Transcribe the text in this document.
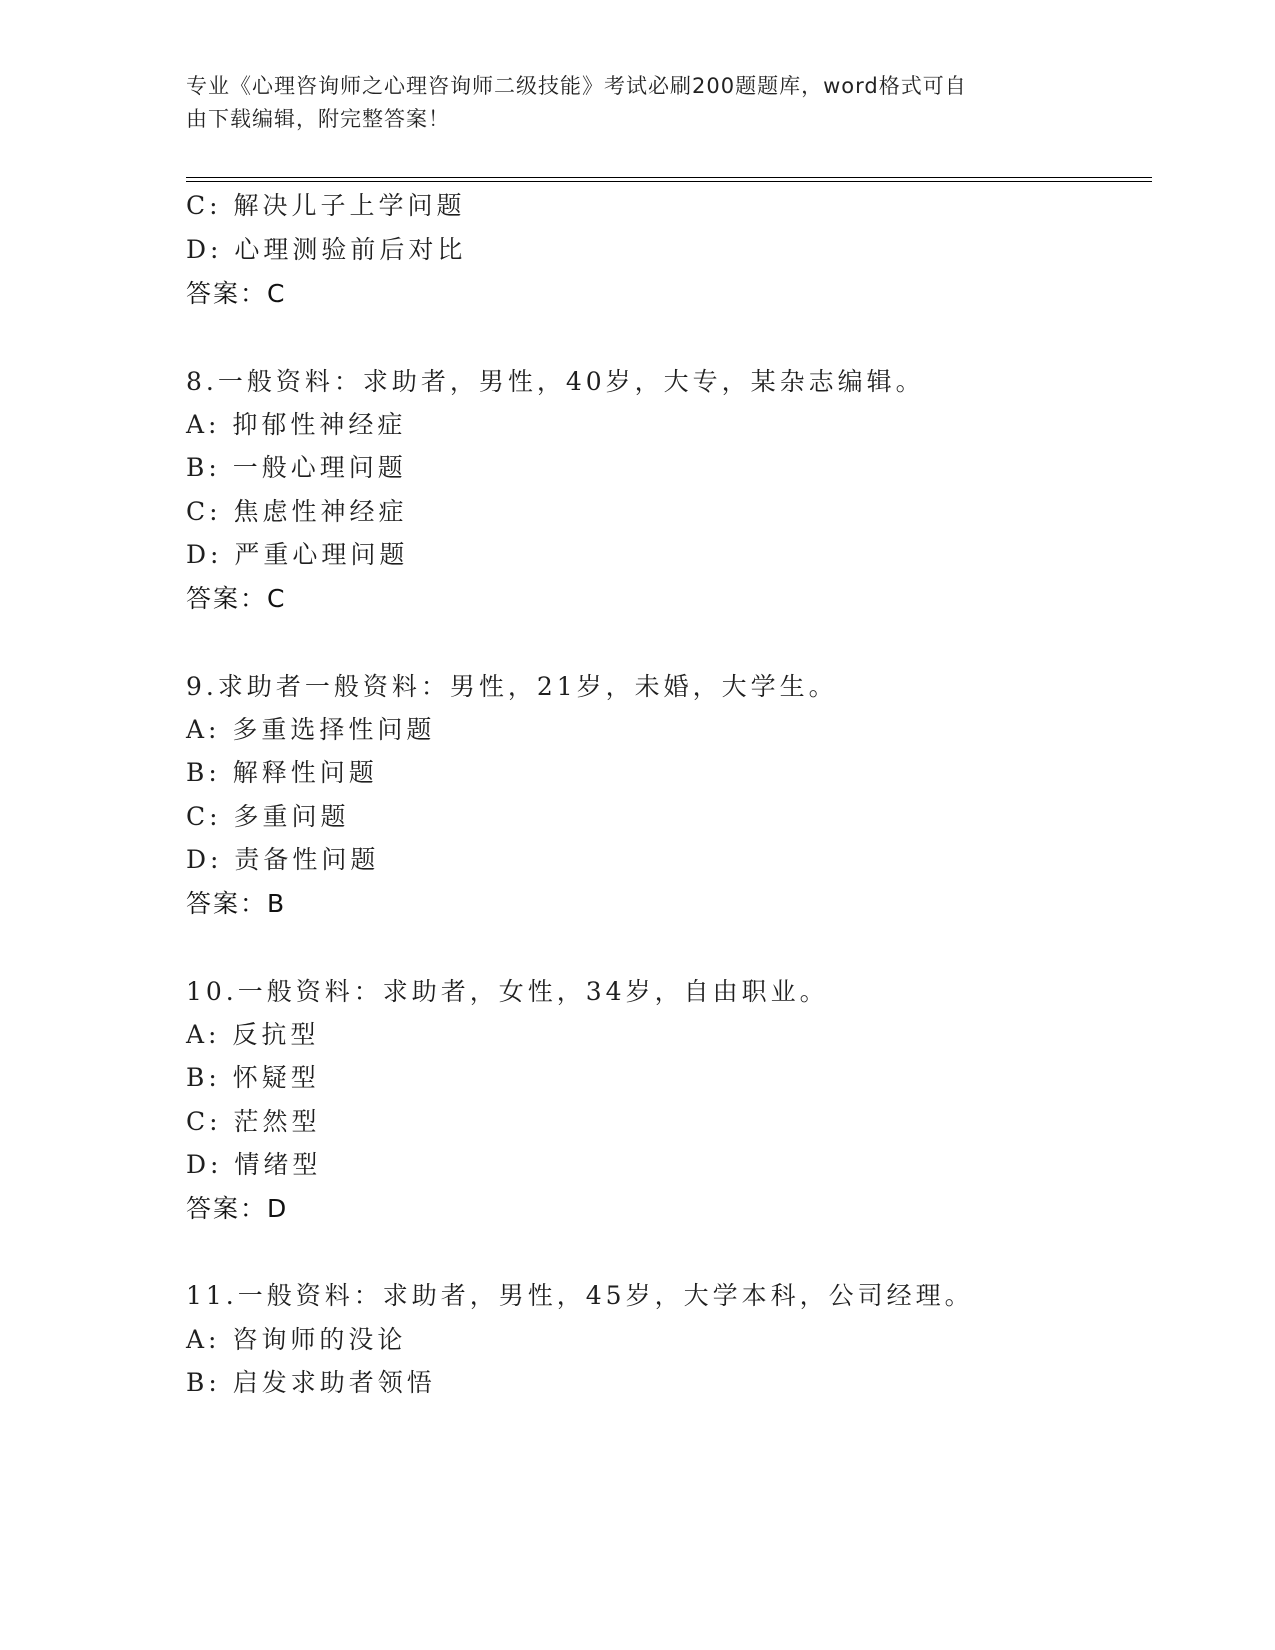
专业《心理咨询师之心理咨询师二级技能》考试必刷200题题库，word格式可自
由下载编辑，附完整答案！
C: 解决儿子上学问题
D: 心理测验前后对比
答案：C
8.一般资料：求助者，男性，40岁，大专，某杂志编辑。
A: 抑郁性神经症
B: 一般心理问题
C: 焦虑性神经症
D: 严重心理问题
答案：C
9.求助者一般资料：男性，21岁，未婚，大学生。
A: 多重选择性问题
B: 解释性问题
C: 多重问题
D: 责备性问题
答案：B
10.一般资料：求助者，女性，34岁，自由职业。
A: 反抗型
B: 怀疑型
C: 茫然型
D: 情绪型
答案：D
11.一般资料：求助者，男性，45岁，大学本科，公司经理。
A: 咨询师的没论
B: 启发求助者领悟
